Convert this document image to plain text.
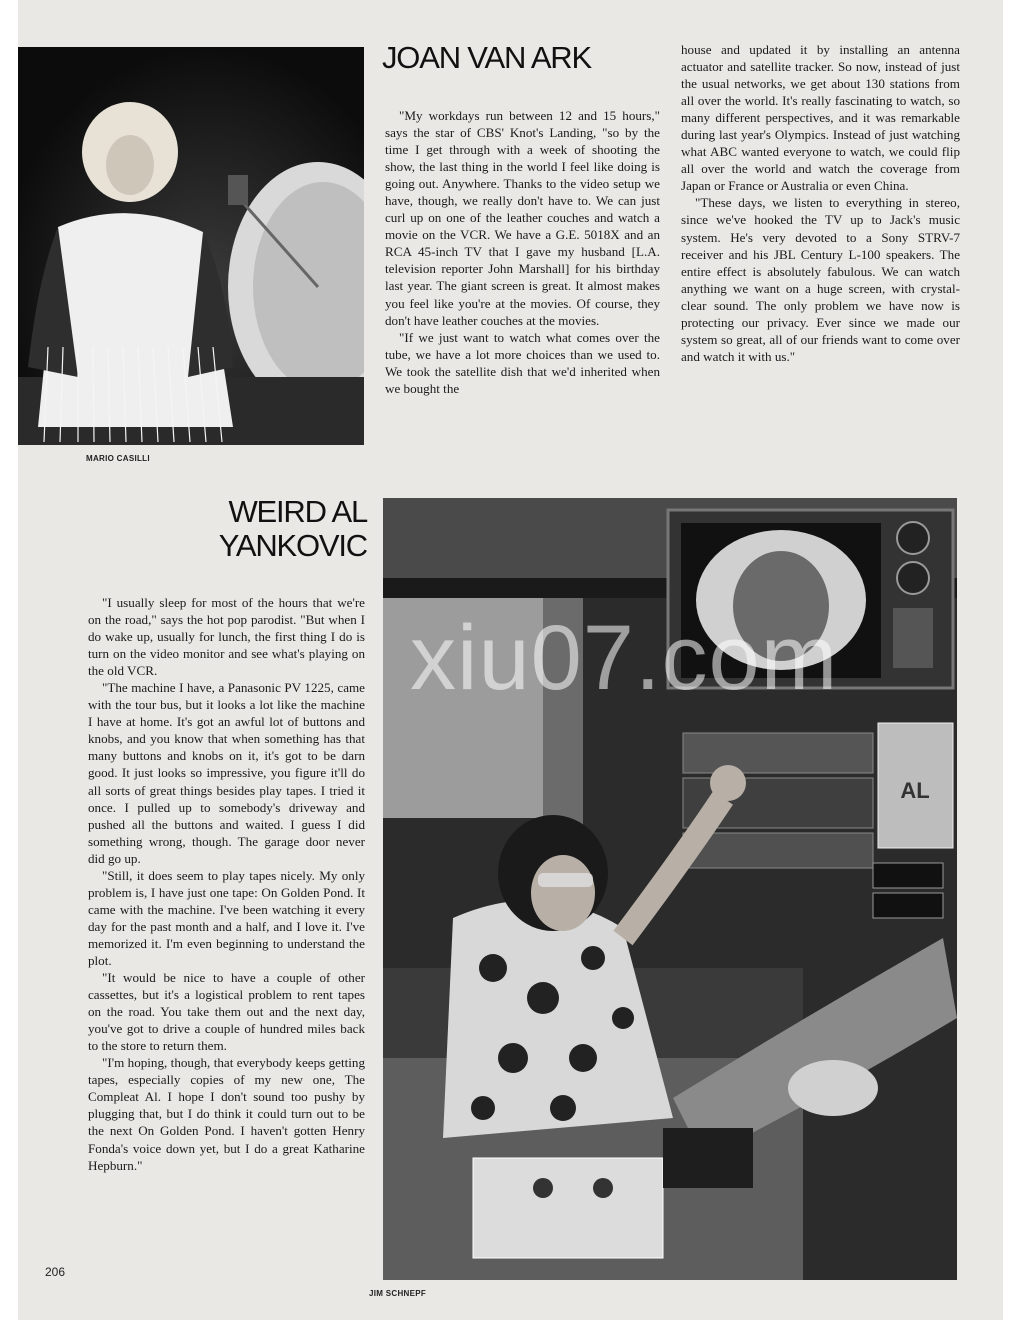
MARIO CASILLI
JOAN VAN ARK

"My workdays run between 12 and 15 hours," says the star of CBS' Knot's Landing, "so by the time I get through with a week of shooting the show, the last thing in the world I feel like doing is going out. Anywhere. Thanks to the video setup we have, though, we really don't have to. We can just curl up on one of the leather couches and watch a movie on the VCR. We have a G.E. 5018X and an RCA 45-inch TV that I gave my husband [L.A. television reporter John Marshall] for his birthday last year. The giant screen is great. It almost makes you feel like you're at the movies. Of course, they don't have leather couches at the movies.

"If we just want to watch what comes over the tube, we have a lot more choices than we used to. We took the satellite dish that we'd inherited when we bought the

house and updated it by installing an antenna actuator and satellite tracker. So now, instead of just the usual networks, we get about 130 stations from all over the world. It's really fascinating to watch, so many different perspectives, and it was remarkable during last year's Olympics. Instead of just watching what ABC wanted everyone to watch, we could flip all over the world and watch the coverage from Japan or France or Australia or even China.

"These days, we listen to everything in stereo, since we've hooked the TV up to Jack's music system. He's very devoted to a Sony STRV-7 receiver and his JBL Century L-100 speakers. The entire effect is absolutely fabulous. We can watch anything we want on a huge screen, with crystal-clear sound. The only problem we have now is protecting our privacy. Ever since we made our system so great, all of our friends want to come over and watch it with us."

WEIRD AL
YANKOVIC

"I usually sleep for most of the hours that we're on the road," says the hot pop parodist. "But when I do wake up, usually for lunch, the first thing I do is turn on the video monitor and see what's playing on the old VCR.

"The machine I have, a Panasonic PV 1225, came with the tour bus, but it looks a lot like the machine I have at home. It's got an awful lot of buttons and knobs, and you know that when something has that many buttons and knobs on it, it's got to be darn good. It just looks so impressive, you figure it'll do all sorts of great things besides play tapes. I tried it once. I pulled up to somebody's driveway and pushed all the buttons and waited. I guess I did something wrong, though. The garage door never did go up.

"Still, it does seem to play tapes nicely. My only problem is, I have just one tape: On Golden Pond. It came with the machine. I've been watching it every day for the past month and a half, and I love it. I've memorized it. I'm even beginning to understand the plot.

"It would be nice to have a couple of other cassettes, but it's a logistical problem to rent tapes on the road. You take them out and the next day, you've got to drive a couple of hundred miles back to the store to return them.

"I'm hoping, though, that everybody keeps getting tapes, especially copies of my new one, The Compleat Al. I hope I don't sound too pushy by plugging that, but I do think it could turn out to be the next On Golden Pond. I haven't gotten Henry Fonda's voice down yet, but I do a great Katharine Hepburn."

AL
xiu07.com
JIM SCHNEPF
206
